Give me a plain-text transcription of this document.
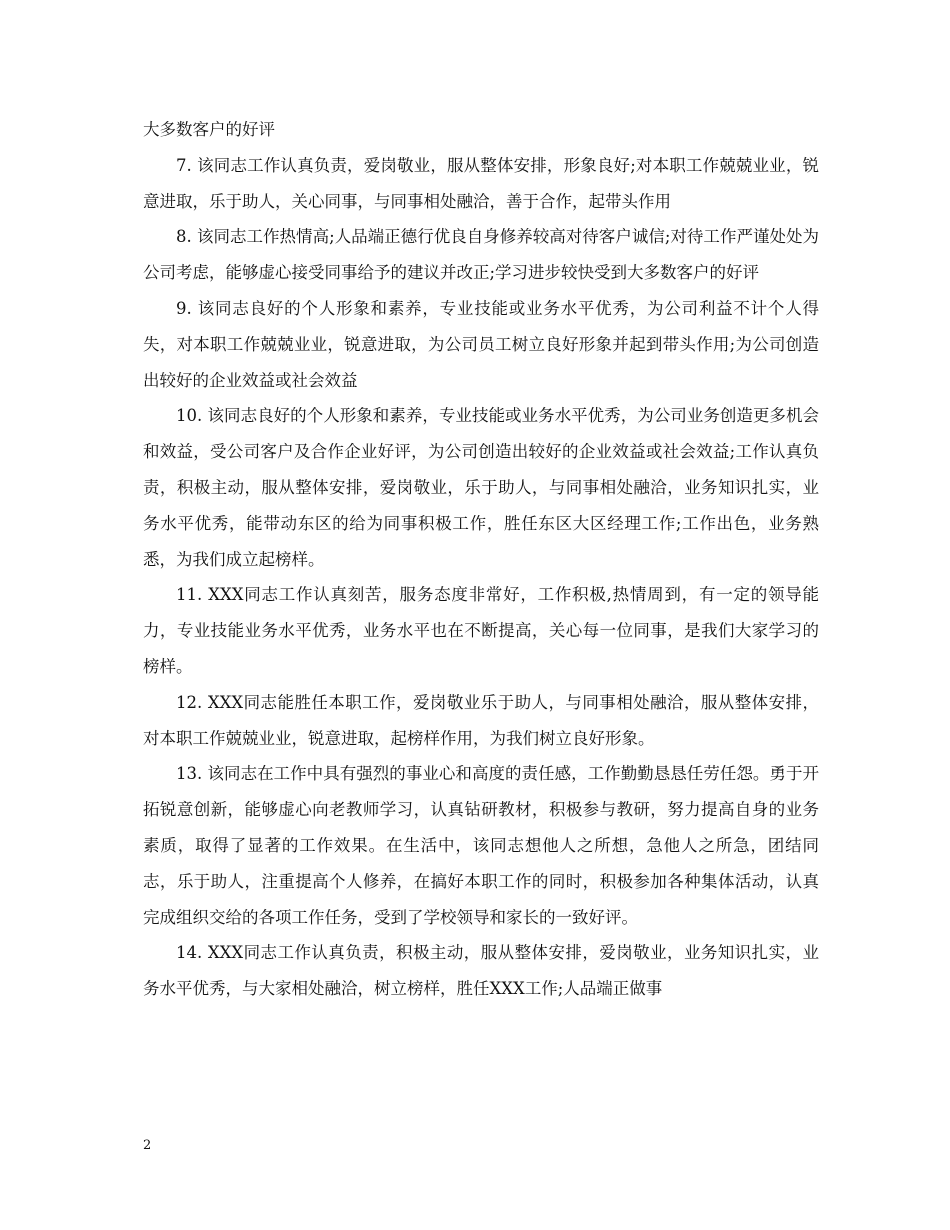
大多数客户的好评

7. 该同志工作认真负责，爱岗敬业，服从整体安排，形象良好;对本职工作兢兢业业，锐意进取，乐于助人，关心同事，与同事相处融洽，善于合作，起带头作用

8. 该同志工作热情高;人品端正德行优良自身修养较高对待客户诚信;对待工作严谨处处为公司考虑，能够虚心接受同事给予的建议并改正;学习进步较快受到大多数客户的好评

9. 该同志良好的个人形象和素养，专业技能或业务水平优秀，为公司利益不计个人得失，对本职工作兢兢业业，锐意进取，为公司员工树立良好形象并起到带头作用;为公司创造出较好的企业效益或社会效益

10. 该同志良好的个人形象和素养，专业技能或业务水平优秀，为公司业务创造更多机会和效益，受公司客户及合作企业好评，为公司创造出较好的企业效益或社会效益;工作认真负责，积极主动，服从整体安排，爱岗敬业，乐于助人，与同事相处融洽，业务知识扎实，业务水平优秀，能带动东区的给为同事积极工作，胜任东区大区经理工作;工作出色，业务熟悉，为我们成立起榜样。

11. XXX同志工作认真刻苦，服务态度非常好，工作积极,热情周到，有一定的领导能力，专业技能业务水平优秀，业务水平也在不断提高，关心每一位同事，是我们大家学习的榜样。

12. XXX同志能胜任本职工作，爱岗敬业乐于助人，与同事相处融洽，服从整体安排，对本职工作兢兢业业，锐意进取，起榜样作用，为我们树立良好形象。

13. 该同志在工作中具有强烈的事业心和高度的责任感，工作勤勤恳恳任劳任怨。勇于开拓锐意创新，能够虚心向老教师学习，认真钻研教材，积极参与教研，努力提高自身的业务素质，取得了显著的工作效果。在生活中，该同志想他人之所想，急他人之所急，团结同志，乐于助人，注重提高个人修养，在搞好本职工作的同时，积极参加各种集体活动，认真完成组织交给的各项工作任务，受到了学校领导和家长的一致好评。

14. XXX同志工作认真负责，积极主动，服从整体安排，爱岗敬业，业务知识扎实，业务水平优秀，与大家相处融洽，树立榜样，胜任XXX工作;人品端正做事

2
